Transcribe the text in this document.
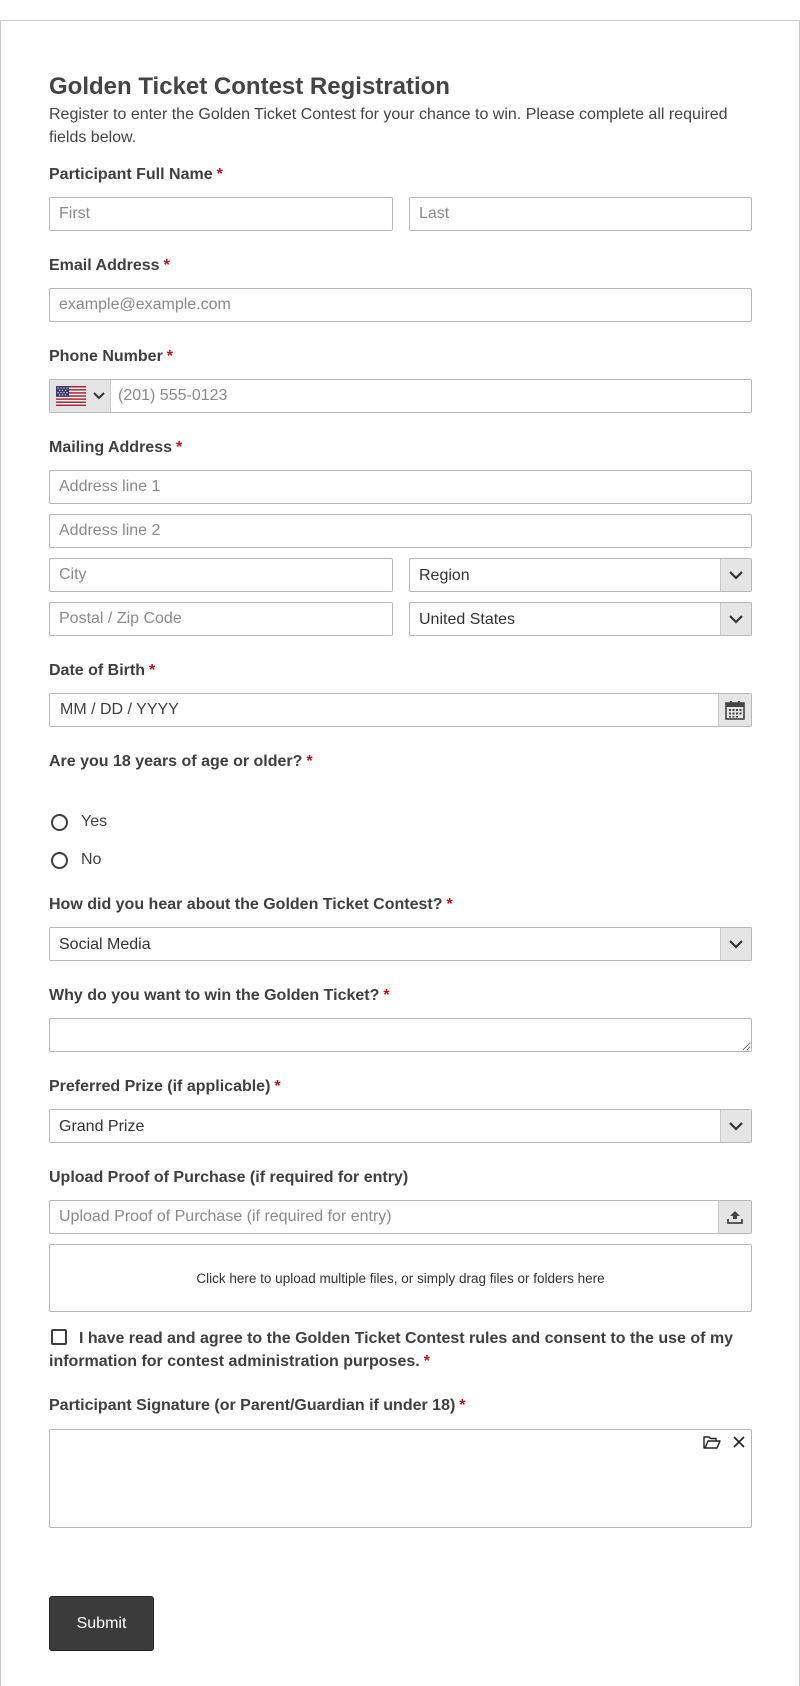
Golden Ticket Contest Registration
Register to enter the Golden Ticket Contest for your chance to win. Please complete all required fields below.
Participant Full Name *
First
Last
Email Address *
example@example.com
Phone Number *
(201) 555-0123
Mailing Address *
Address line 1
Address line 2
City
Region
Postal / Zip Code
United States
Date of Birth *
MM / DD / YYYY
Are you 18 years of age or older? *
Yes
No
How did you hear about the Golden Ticket Contest? *
Social Media
Why do you want to win the Golden Ticket? *
Preferred Prize (if applicable) *
Grand Prize
Upload Proof of Purchase (if required for entry)
Upload Proof of Purchase (if required for entry)
Click here to upload multiple files, or simply drag files or folders here
I have read and agree to the Golden Ticket Contest rules and consent to the use of my information for contest administration purposes. *
Participant Signature (or Parent/Guardian if under 18) *
Submit
